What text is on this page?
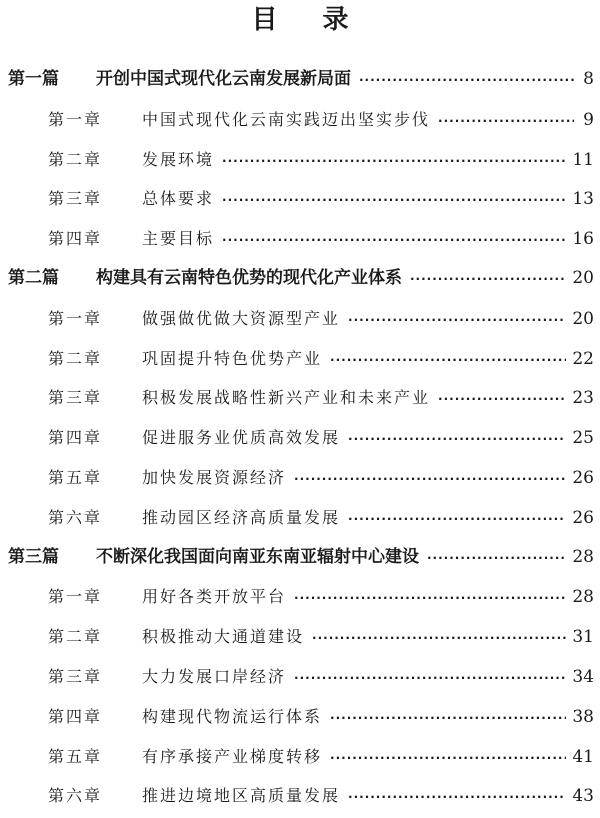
目 录
第一篇	开创中国式现代化云南发展新局面 ·····	8
第一章	中国式现代化云南实践迈出坚实步伐 ·····	9
第二章	发展环境 ·····	11
第三章	总体要求 ·····	13
第四章	主要目标 ·····	16
第二篇	构建具有云南特色优势的现代化产业体系 ·····	20
第一章	做强做优做大资源型产业 ·····	20
第二章	巩固提升特色优势产业 ·····	22
第三章	积极发展战略性新兴产业和未来产业 ·····	23
第四章	促进服务业优质高效发展 ·····	25
第五章	加快发展资源经济 ·····	26
第六章	推动园区经济高质量发展 ·····	26
第三篇	不断深化我国面向南亚东南亚辐射中心建设 ·····	28
第一章	用好各类开放平台 ·····	28
第二章	积极推动大通道建设 ·····	31
第三章	大力发展口岸经济 ·····	34
第四章	构建现代物流运行体系 ·····	38
第五章	有序承接产业梯度转移 ·····	41
第六章	推进边境地区高质量发展 ·····	43
